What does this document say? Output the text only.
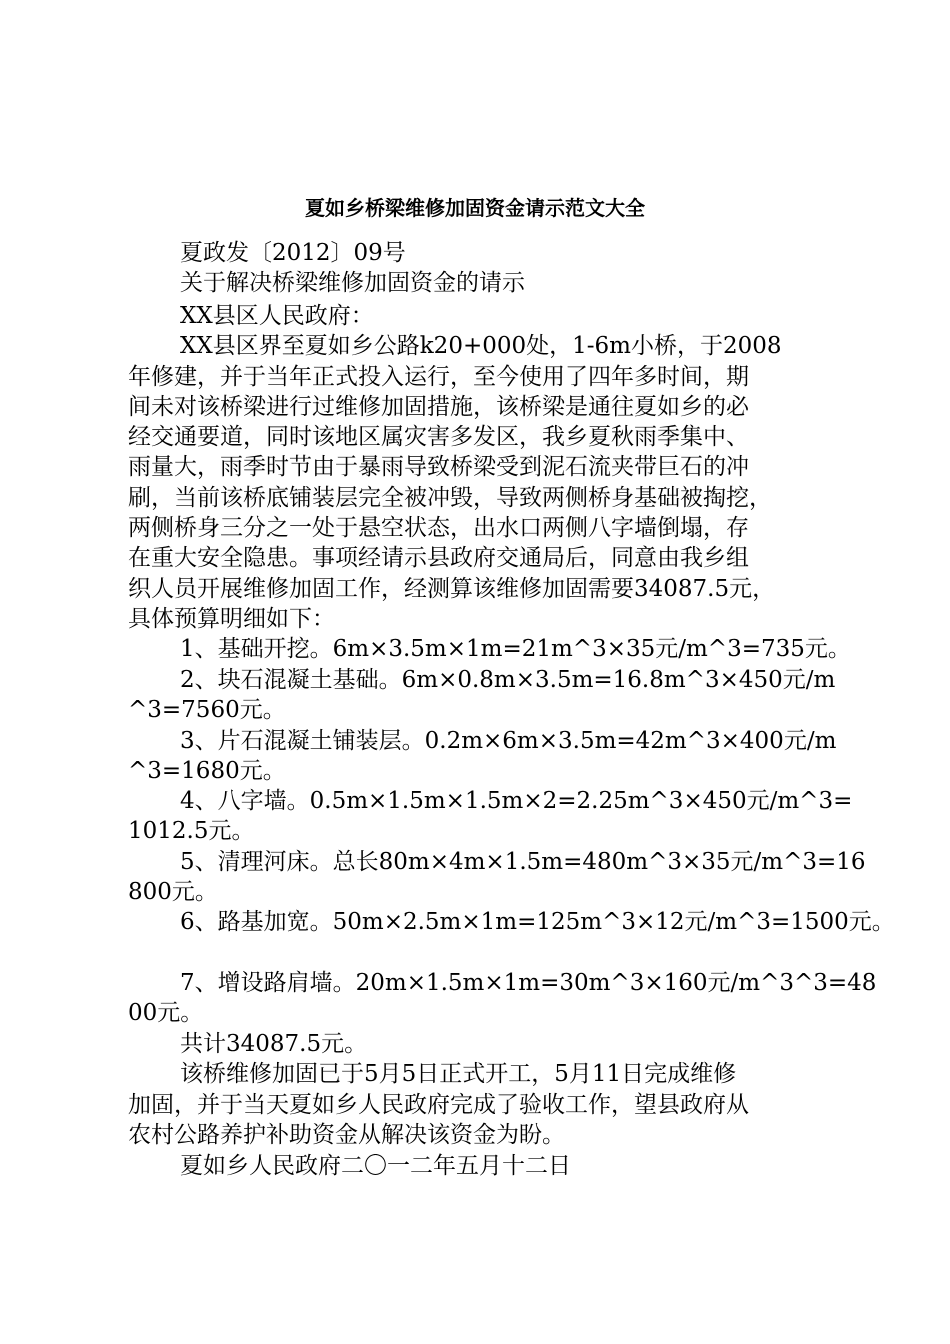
夏如乡桥梁维修加固资金请示范文大全
夏政发〔2012〕09号
关于解决桥梁维修加固资金的请示
XX县区人民政府：
XX县区界至夏如乡公路k20+000处，1-6m小桥，于2008
年修建，并于当年正式投入运行，至今使用了四年多时间，期
间未对该桥梁进行过维修加固措施，该桥梁是通往夏如乡的必
经交通要道，同时该地区属灾害多发区，我乡夏秋雨季集中、
雨量大，雨季时节由于暴雨导致桥梁受到泥石流夹带巨石的冲
刷，当前该桥底铺装层完全被冲毁，导致两侧桥身基础被掏挖，
两侧桥身三分之一处于悬空状态，出水口两侧八字墙倒塌，存
在重大安全隐患。事项经请示县政府交通局后，同意由我乡组
织人员开展维修加固工作，经测算该维修加固需要34087.5元，
具体预算明细如下：
1、基础开挖。6m×3.5m×1m=21m^3×35元/m^3=735元。
2、块石混凝土基础。6m×0.8m×3.5m=16.8m^3×450元/m
^3=7560元。
3、片石混凝土铺装层。0.2m×6m×3.5m=42m^3×400元/m
^3=1680元。
4、八字墙。0.5m×1.5m×1.5m×2=2.25m^3×450元/m^3=
1012.5元。
5、清理河床。总长80m×4m×1.5m=480m^3×35元/m^3=16
800元。
6、路基加宽。50m×2.5m×1m=125m^3×12元/m^3=1500元。
7、增设路肩墙。20m×1.5m×1m=30m^3×160元/m^3^3=48
00元。
共计34087.5元。
该桥维修加固已于5月5日正式开工，5月11日完成维修
加固，并于当天夏如乡人民政府完成了验收工作，望县政府从
农村公路养护补助资金从解决该资金为盼。
夏如乡人民政府二〇一二年五月十二日
